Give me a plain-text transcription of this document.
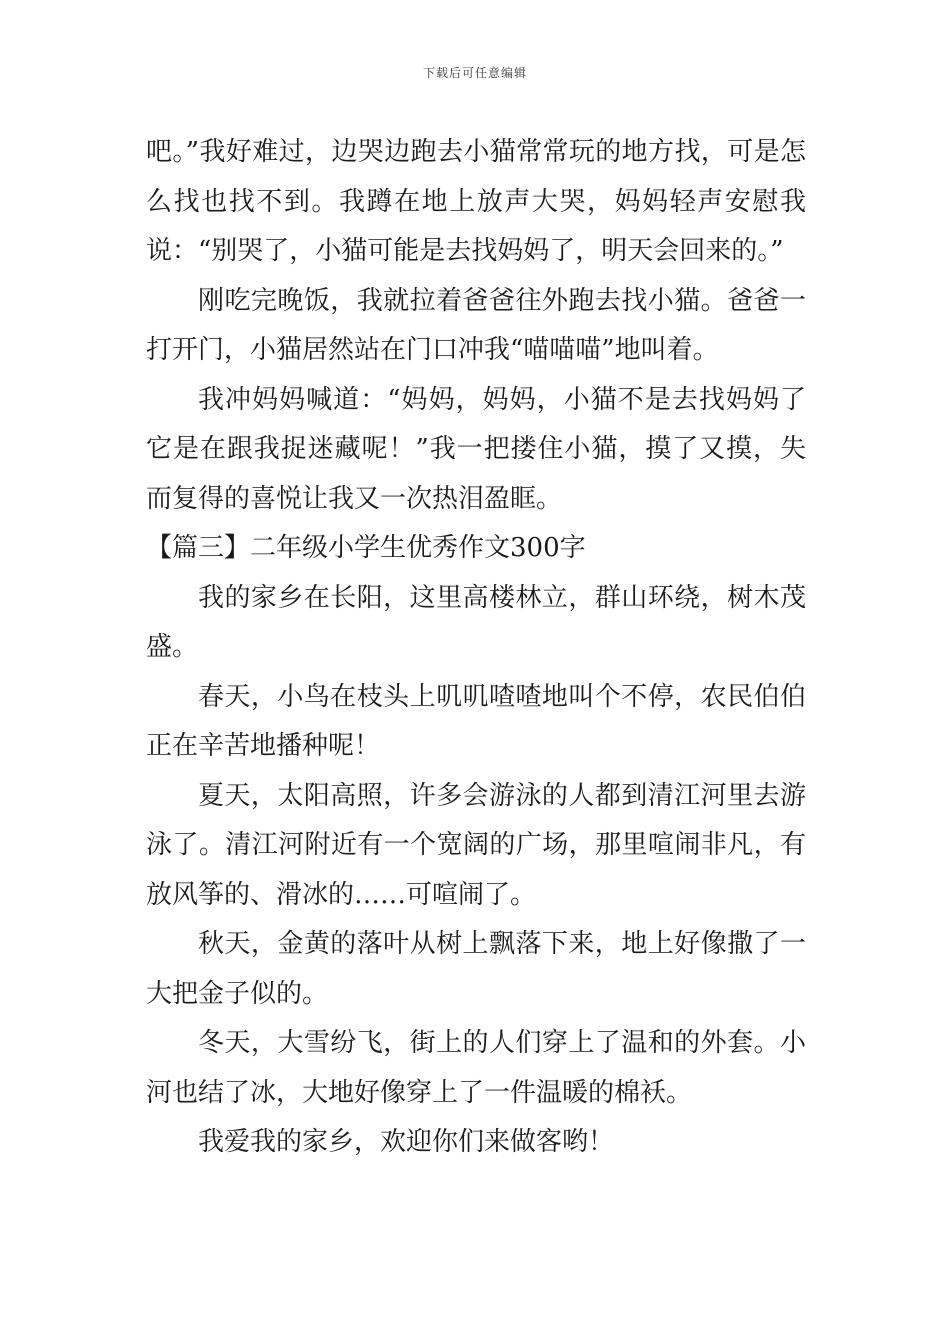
下载后可任意编辑

吧。”我好难过，边哭边跑去小猫常常玩的地方找，可是怎么找也找不到。我蹲在地上放声大哭，妈妈轻声安慰我说：“别哭了，小猫可能是去找妈妈了，明天会回来的。”

刚吃完晚饭，我就拉着爸爸往外跑去找小猫。爸爸一打开门，小猫居然站在门口冲我“喵喵喵”地叫着。

我冲妈妈喊道：“妈妈，妈妈，小猫不是去找妈妈了它是在跟我捉迷藏呢！”我一把搂住小猫，摸了又摸，失而复得的喜悦让我又一次热泪盈眶。

【篇三】二年级小学生优秀作文300字

我的家乡在长阳，这里高楼林立，群山环绕，树木茂盛。

春天，小鸟在枝头上叽叽喳喳地叫个不停，农民伯伯正在辛苦地播种呢！

夏天，太阳高照，许多会游泳的人都到清江河里去游泳了。清江河附近有一个宽阔的广场，那里喧闹非凡，有放风筝的、滑冰的……可喧闹了。

秋天，金黄的落叶从树上飘落下来，地上好像撒了一大把金子似的。

冬天，大雪纷飞，街上的人们穿上了温和的外套。小河也结了冰，大地好像穿上了一件温暖的棉袄。

我爱我的家乡，欢迎你们来做客哟！
